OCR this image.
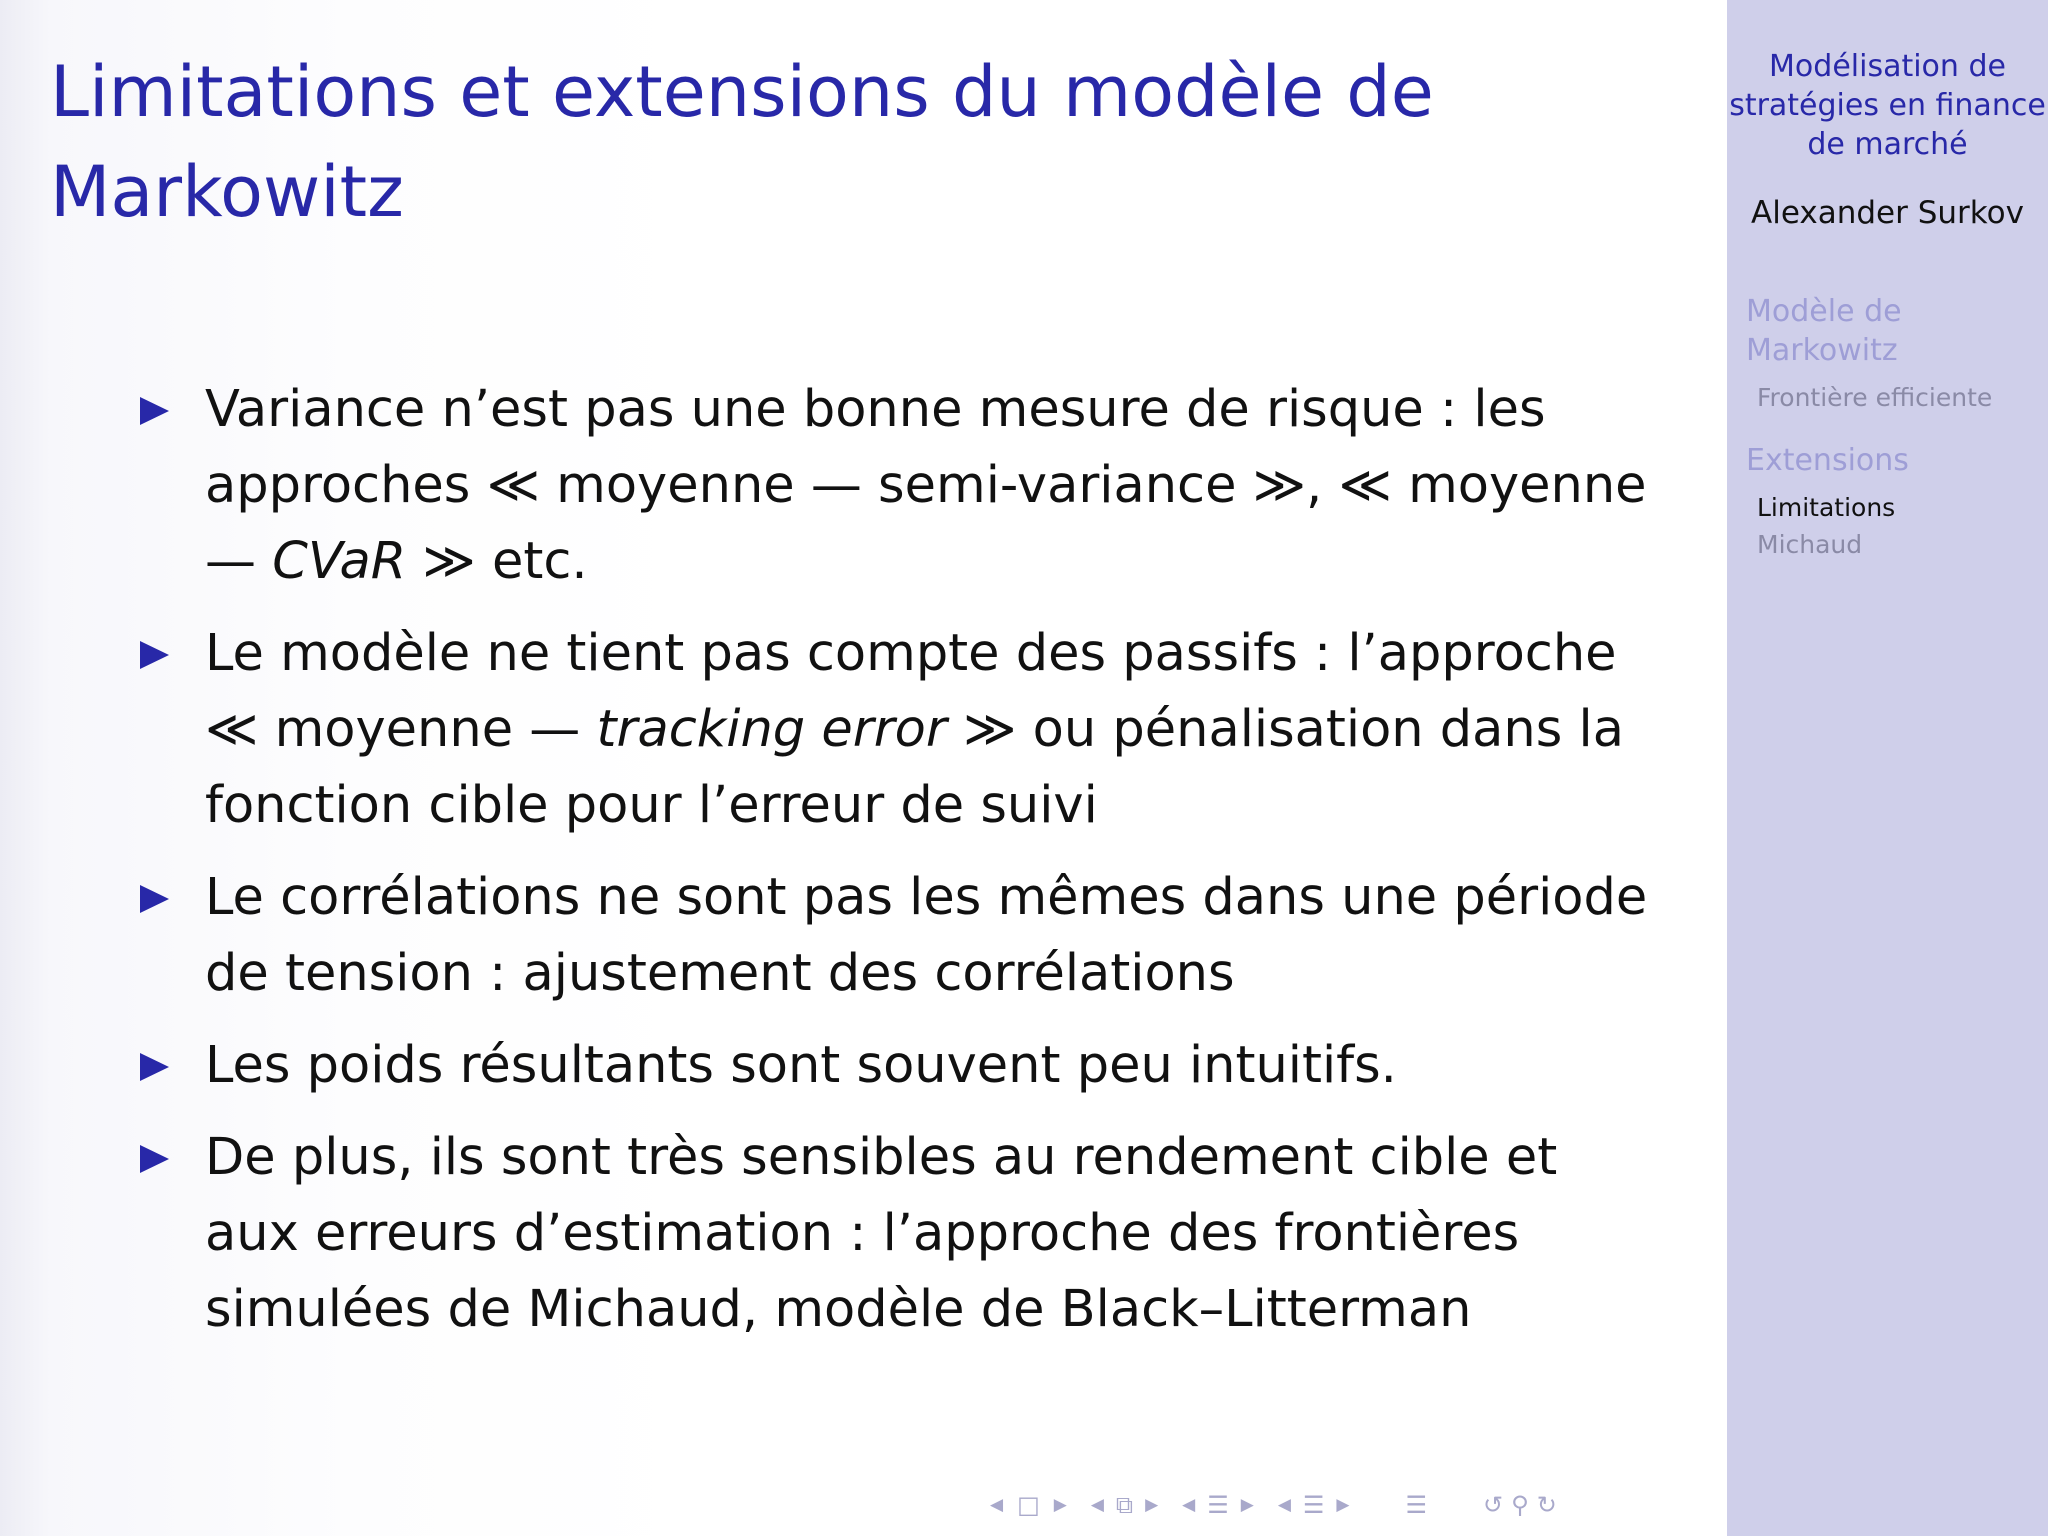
Limitations et extensions du modèle de Markowitz
Variance n’est pas une bonne mesure de risque : les approches ≪ moyenne — semi-variance ≫, ≪ moyenne — CVaR ≫ etc.
Le modèle ne tient pas compte des passifs : l’approche ≪ moyenne — tracking error ≫ ou pénalisation dans la fonction cible pour l’erreur de suivi
Le corrélations ne sont pas les mêmes dans une période de tension : ajustement des corrélations
Les poids résultants sont souvent peu intuitifs.
De plus, ils sont très sensibles au rendement cible et aux erreurs d’estimation : l’approche des frontières simulées de Michaud, modèle de Black–Litterman
◀ □ ▶ ◀ ⧉ ▶ ◀ ☰ ▶ ◀ ☰ ▶ ☰ ↺ ⚲ ↻
Modélisation de stratégies en finance de marché
Alexander Surkov
Modèle de Markowitz
Frontière efficiente
Extensions
Limitations
Michaud
